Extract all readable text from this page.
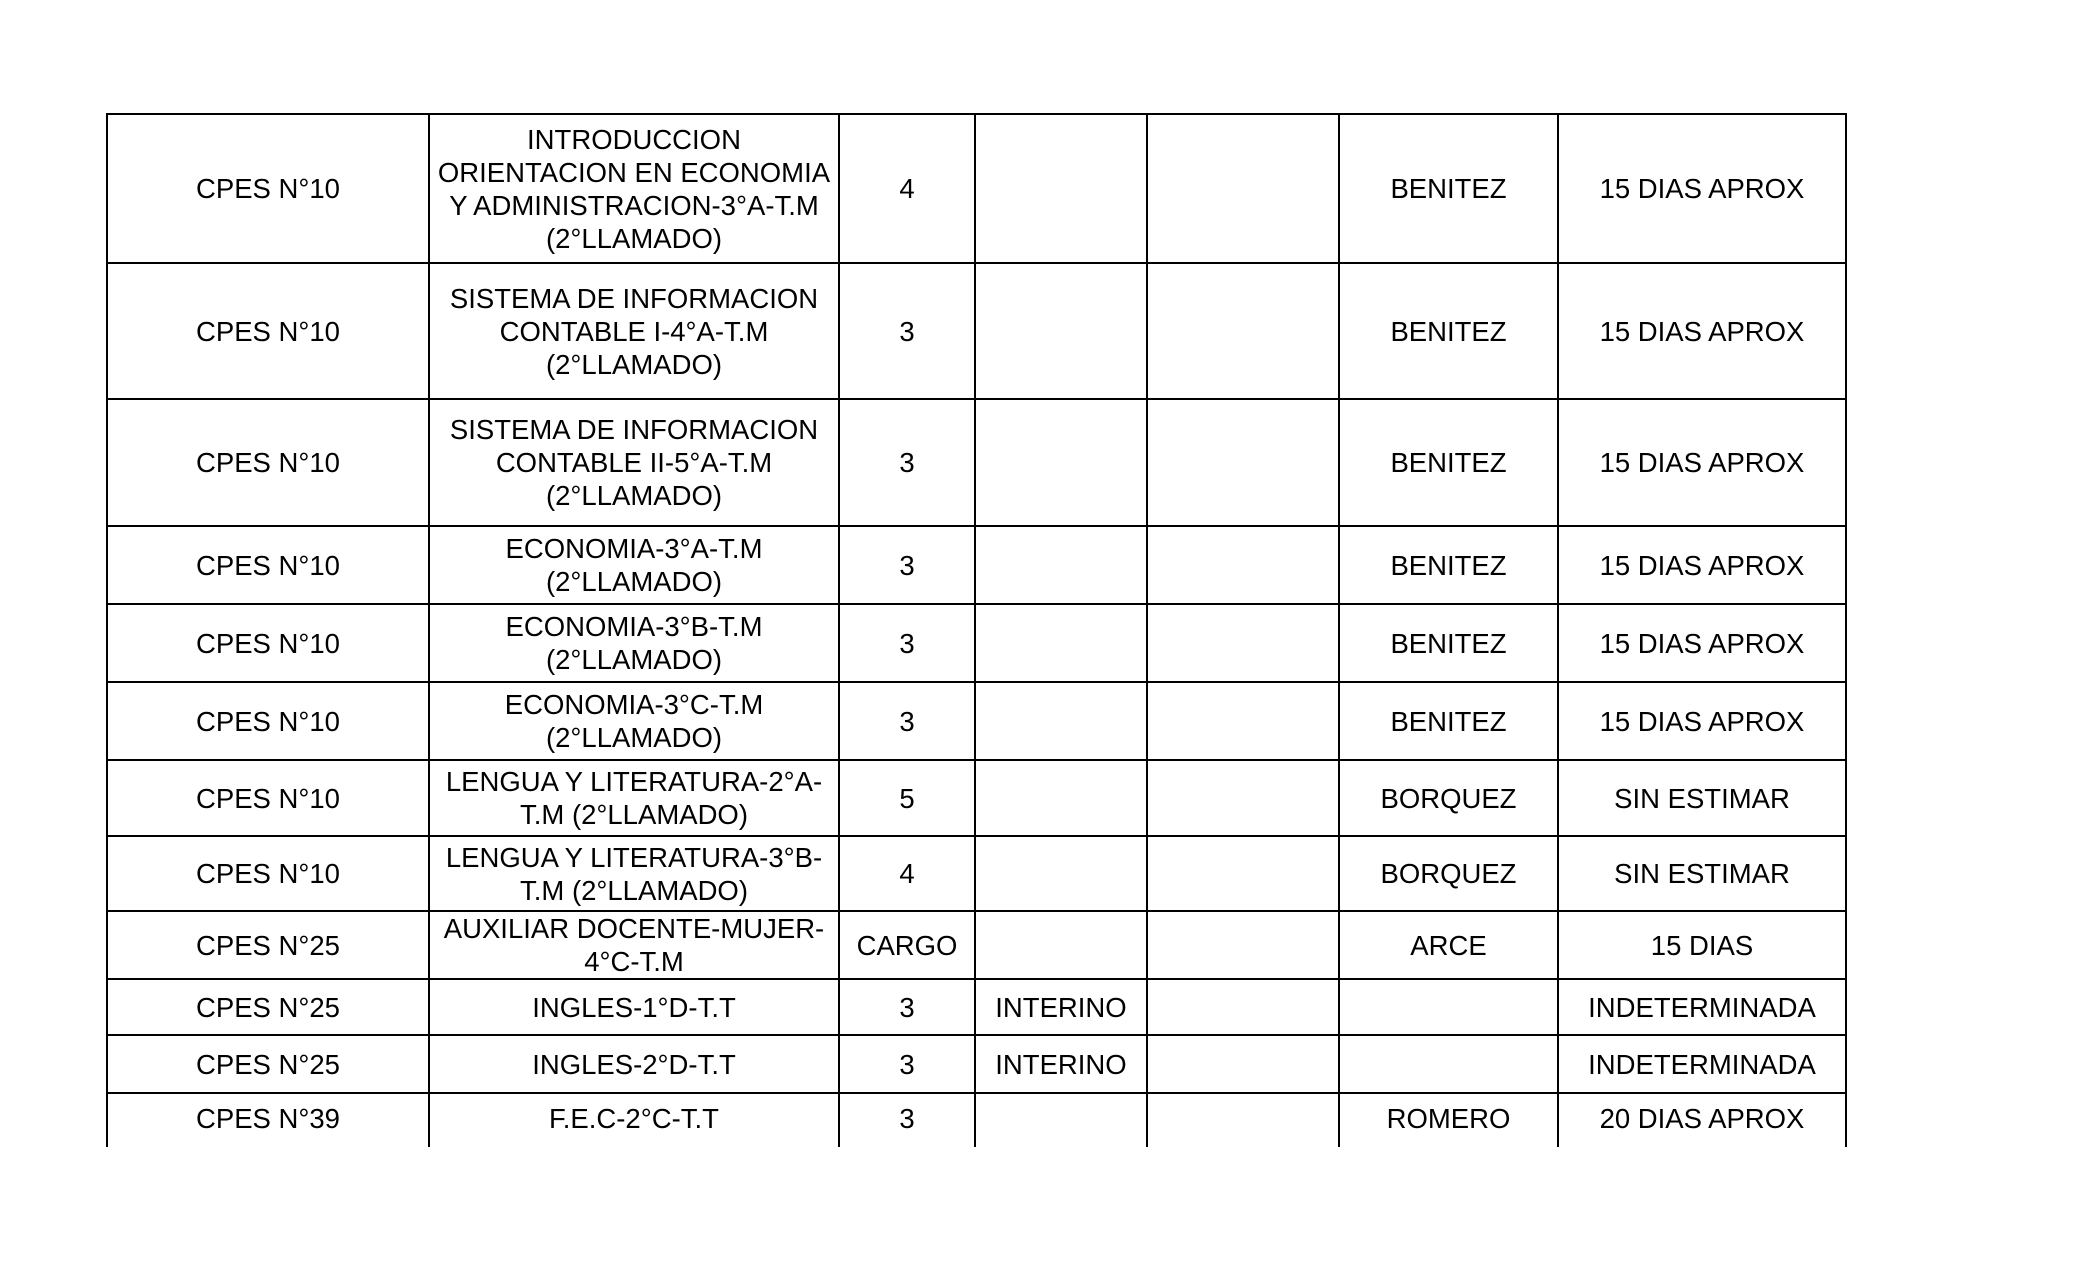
CPES N°10	INTRODUCCION
ORIENTACION EN ECONOMIA
Y ADMINISTRACION-3°A-T.M
(2°LLAMADO)	4			BENITEZ	15 DIAS APROX
CPES N°10	SISTEMA DE INFORMACION
CONTABLE I-4°A-T.M
(2°LLAMADO)	3			BENITEZ	15 DIAS APROX
CPES N°10	SISTEMA DE INFORMACION
CONTABLE II-5°A-T.M
(2°LLAMADO)	3			BENITEZ	15 DIAS APROX
CPES N°10	ECONOMIA-3°A-T.M
(2°LLAMADO)	3			BENITEZ	15 DIAS APROX
CPES N°10	ECONOMIA-3°B-T.M
(2°LLAMADO)	3			BENITEZ	15 DIAS APROX
CPES N°10	ECONOMIA-3°C-T.M
(2°LLAMADO)	3			BENITEZ	15 DIAS APROX
CPES N°10	LENGUA Y LITERATURA-2°A-
T.M (2°LLAMADO)	5			BORQUEZ	SIN ESTIMAR
CPES N°10	LENGUA Y LITERATURA-3°B-
T.M (2°LLAMADO)	4			BORQUEZ	SIN ESTIMAR
CPES N°25	AUXILIAR DOCENTE-MUJER-
4°C-T.M	CARGO			ARCE	15 DIAS
CPES N°25	INGLES-1°D-T.T	3	INTERINO			INDETERMINADA
CPES N°25	INGLES-2°D-T.T	3	INTERINO			INDETERMINADA
CPES N°39	F.E.C-2°C-T.T	3			ROMERO	20 DIAS APROX
